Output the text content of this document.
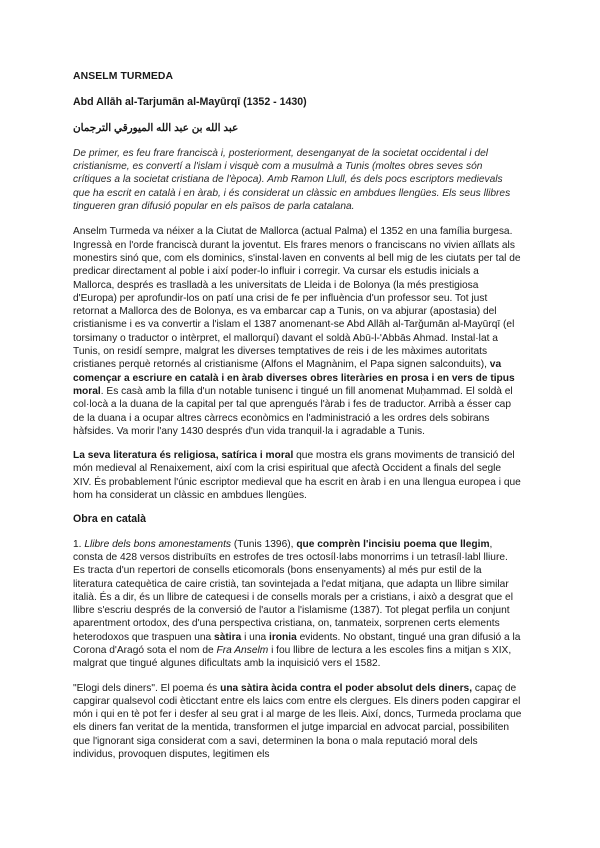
ANSELM TURMEDA

Abd Allāh al-Tarjumān al-Mayūrqī (1352 - 1430)

عبد الله بن عبد الله الميورقي الترجمان

De primer, es feu frare franciscà i, posteriorment, desenganyat de la societat occidental i del cristianisme, es convertí a l'islam i visquè com a musulmà a Tunis (moltes obres seves són crítiques a la societat cristiana de l'època). Amb Ramon Llull, és dels pocs escriptors medievals que ha escrit en català i en àrab, i és considerat un clàssic en ambdues llengües. Els seus llibres tingueren gran difusió popular en els països de parla catalana.

Anselm Turmeda va néixer a la Ciutat de Mallorca (actual Palma) el 1352 en una família burgesa. Ingressà en l'orde franciscà durant la joventut. Els frares menors o franciscans no vivien aïllats als monestirs sinó que, com els dominics, s'instal·laven en convents al bell mig de les ciutats per tal de predicar directament al poble i així poder-lo influir i corregir. Va cursar els estudis inicials a Mallorca, després es traslladà a les universitats de Lleida i de Bolonya (la més prestigiosa d'Europa) per aprofundir-los on patí una crisi de fe per influència d'un professor seu. Tot just retornat a Mallorca des de Bolonya, es va embarcar cap a Tunis, on va abjurar (apostasia) del cristianisme i es va convertir a l'islam el 1387 anomenant-se Abd Allāh al-Tarǧumān al-Mayūrqī (el torsimany o traductor o intèrpret, el mallorquí) davant el soldà Abū-l-'Abbās Ahmad. Instal·lat a Tunis, on residí sempre, malgrat les diverses temptatives de reis i de les màximes autoritats cristianes perquè retornés al cristianisme (Alfons el Magnànim, el Papa signen salconduits), va començar a escriure en català i en àrab diverses obres literàries en prosa i en vers de tipus moral. Es casà amb la filla d'un notable tunisenc i tingué un fill anomenat Muḥammad. El soldà el col·locà a la duana de la capital per tal que aprengués l'àrab i fes de traductor. Arribà a ésser cap de la duana i a ocupar altres càrrecs econòmics en l'administració a les ordres dels sobirans hàfsides. Va morir l'any 1430 després d'un vida tranquil·la i agradable a Tunis.

La seva literatura és religiosa, satírica i moral que mostra els grans moviments de transició del món medieval al Renaixement, així com la crisi espiritual que afectà Occident a finals del segle XIV. És probablement l'únic escriptor medieval que ha escrit en àrab i en una llengua europea i que hom ha considerat un clàssic en ambdues llengües.

Obra en català

1. Llibre dels bons amonestaments (Tunis 1396), que comprèn l'incisiu poema que llegim, consta de 428 versos distribuïts en estrofes de tres octosíl·labs monorrims i un tetrasíl·labl lliure. Es tracta d'un repertori de consells eticomorals (bons ensenyaments) al més pur estil de la literatura catequètica de caire cristià, tan sovintejada a l'edat mitjana, que adapta un llibre similar italià. És a dir, és un llibre de catequesi i de consells morals per a cristians, i això a desgrat que el llibre s'escriu després de la conversió de l'autor a l'islamisme (1387). Tot plegat perfila un conjunt aparentment ortodox, des d'una perspectiva cristiana, on, tanmateix, sorprenen certs elements heterodoxos que traspuen una sàtira i una ironia evidents. No obstant, tingué una gran difusió a la Corona d'Aragó sota el nom de Fra Anselm i fou llibre de lectura a les escoles fins a mitjan s XIX, malgrat que tingué algunes dificultats amb la inquisició vers el 1582.

"Elogi dels diners". El poema és una sàtira àcida contra el poder absolut dels diners, capaç de capgirar qualsevol codi èticctant entre els laics com entre els clergues. Els diners poden capgirar el món i qui en tè pot fer i desfer al seu grat i al marge de les lleis. Així, doncs, Turmeda proclama que els diners fan veritat de la mentida, transformen el jutge imparcial en advocat parcial, possibiliten que l'ignorant siga considerat com a savi, determinen la bona o mala reputació moral dels individus, provoquen disputes, legitimen els
